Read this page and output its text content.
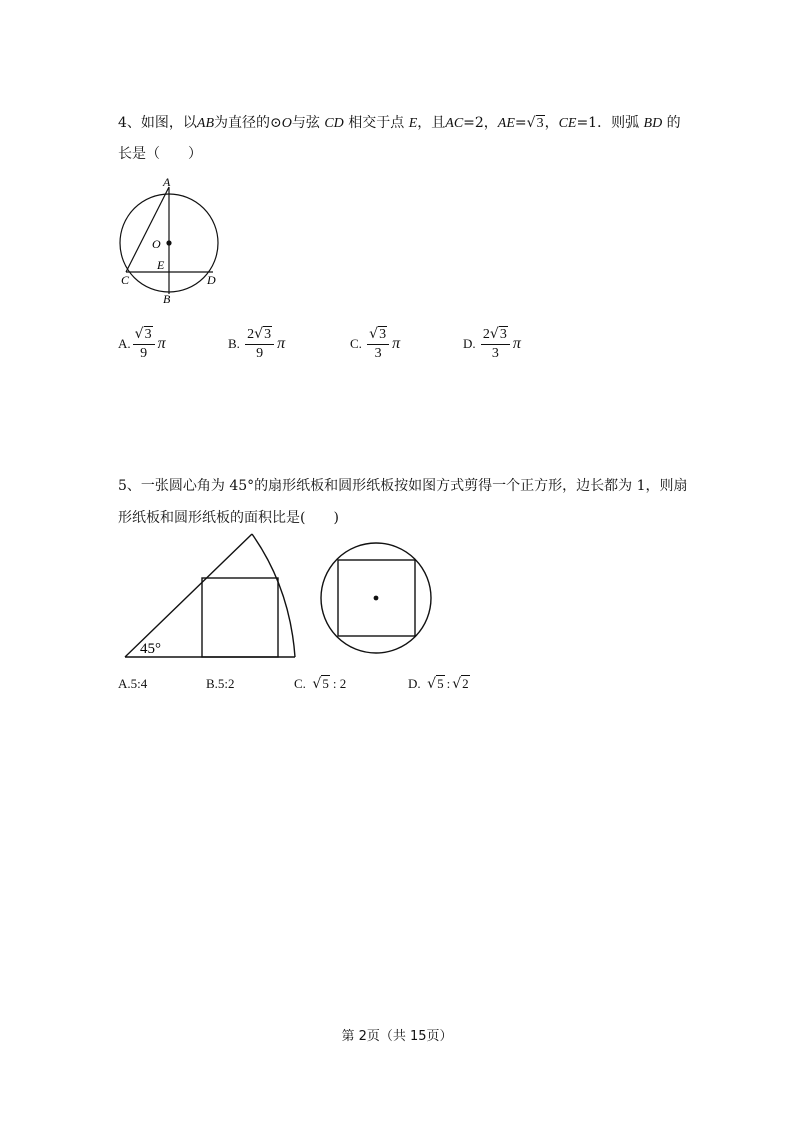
4、如图，以AB为直径的⊙O与弦 CD 相交于点 E，且AC=2，AE=√3，CE=1．则弧 BD 的
长是（　　）
A
O
E
C	D
B
A. $\frac{√3}{9}$ π	B.
$\frac{2√3}{9}$ π	C.
$\frac{√3}{3}$ π	D.
$\frac{2√3}{3}$ π
5、一张圆心角为 45°的扇形纸板和圆形纸板按如图方式剪得一个正方形，边长都为 1，则扇
形纸板和圆形纸板的面积比是(　　)
45°
A.5:4	B.5:2	C.
√5 : 2	D.
√5 : √2
第 2页（共 15页）
